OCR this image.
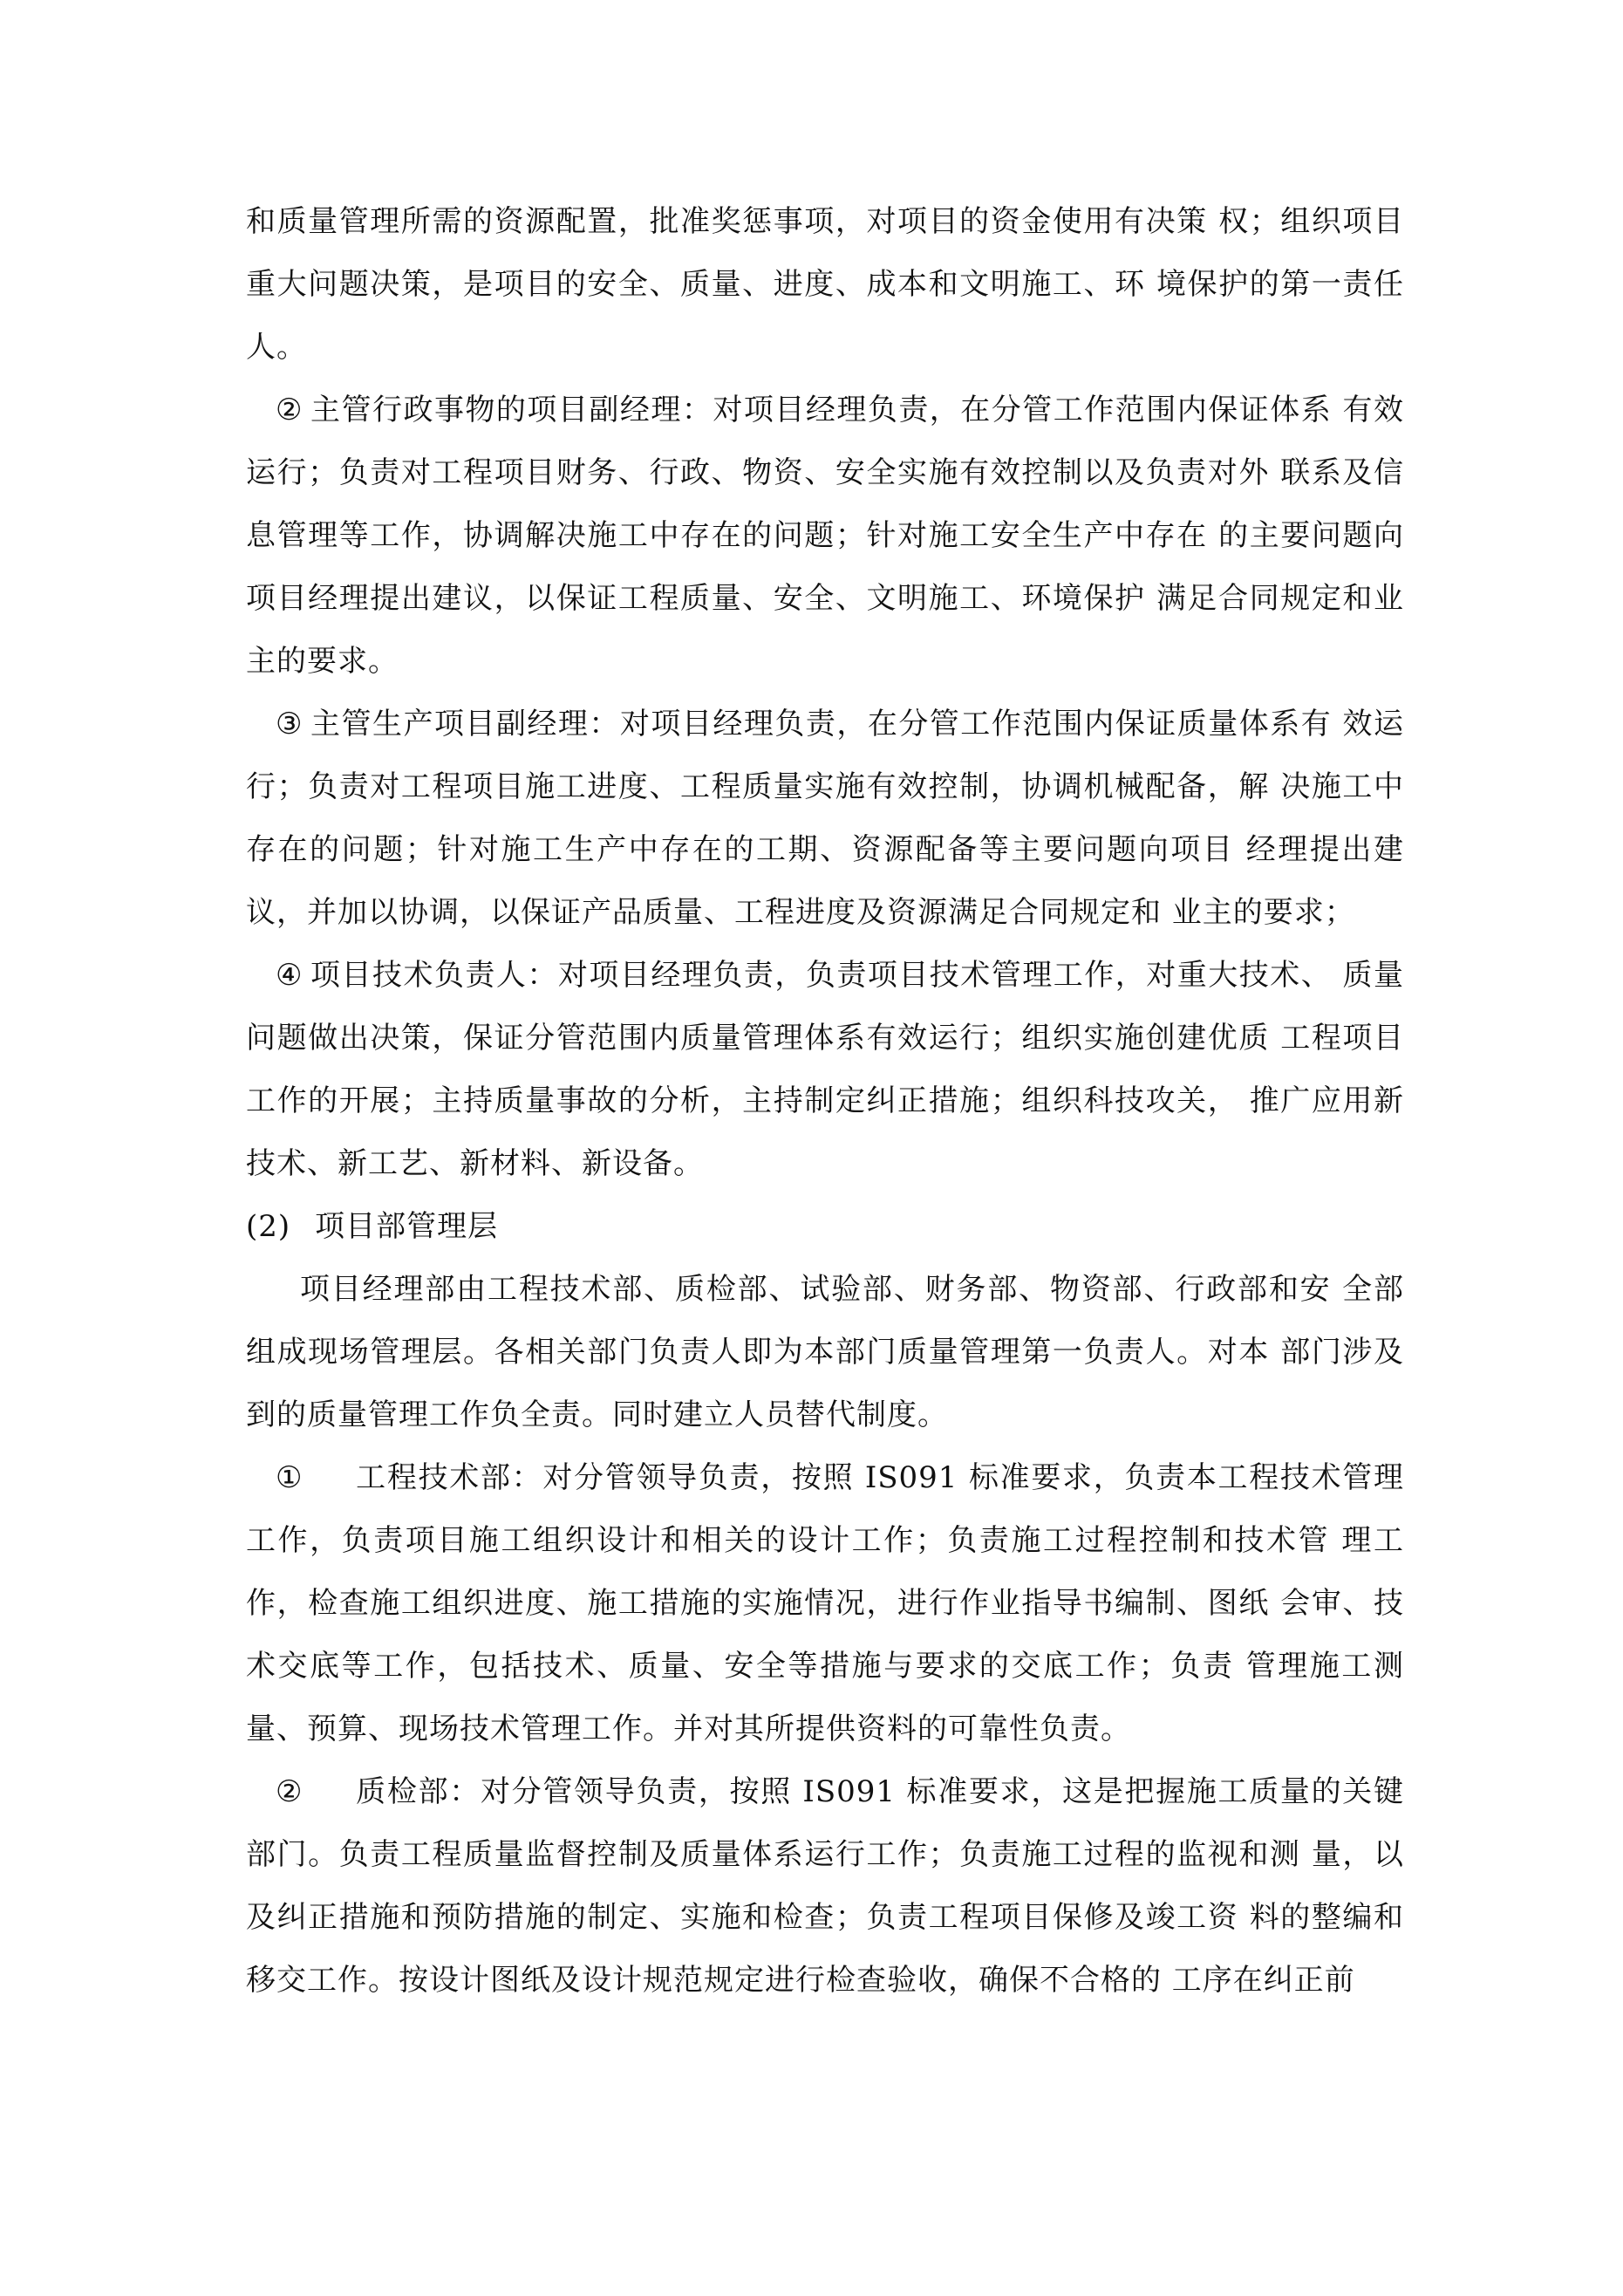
和质量管理所需的资源配置，批准奖惩事项，对项目的资金使用有决策 权；组织项目重大问题决策，是项目的安全、质量、进度、成本和文明施工、环 境保护的第一责任人。

② 主管行政事物的项目副经理：对项目经理负责，在分管工作范围内保证体系 有效运行；负责对工程项目财务、行政、物资、安全实施有效控制以及负责对外 联系及信息管理等工作，协调解决施工中存在的问题；针对施工安全生产中存在 的主要问题向项目经理提出建议，以保证工程质量、安全、文明施工、环境保护 满足合同规定和业主的要求。

③ 主管生产项目副经理：对项目经理负责，在分管工作范围内保证质量体系有 效运行；负责对工程项目施工进度、工程质量实施有效控制，协调机械配备，解 决施工中存在的问题；针对施工生产中存在的工期、资源配备等主要问题向项目 经理提出建议，并加以协调，以保证产品质量、工程进度及资源满足合同规定和 业主的要求；

④ 项目技术负责人：对项目经理负责，负责项目技术管理工作，对重大技术、 质量问题做出决策，保证分管范围内质量管理体系有效运行；组织实施创建优质 工程项目工作的开展；主持质量事故的分析，主持制定纠正措施；组织科技攻关， 推广应用新技术、新工艺、新材料、新设备。

(2) 项目部管理层

项目经理部由工程技术部、质检部、试验部、财务部、物资部、行政部和安 全部组成现场管理层。各相关部门负责人即为本部门质量管理第一负责人。对本 部门涉及到的质量管理工作负全责。同时建立人员替代制度。

① 工程技术部：对分管领导负责，按照 IS091 标准要求，负责本工程技术管理工作，负责项目施工组织设计和相关的设计工作；负责施工过程控制和技术管 理工作，检查施工组织进度、施工措施的实施情况，进行作业指导书编制、图纸 会审、技术交底等工作，包括技术、质量、安全等措施与要求的交底工作；负责 管理施工测量、预算、现场技术管理工作。并对其所提供资料的可靠性负责。

② 质检部：对分管领导负责，按照 IS091 标准要求，这是把握施工质量的关键部门。负责工程质量监督控制及质量体系运行工作；负责施工过程的监视和测 量，以及纠正措施和预防措施的制定、实施和检查；负责工程项目保修及竣工资 料的整编和移交工作。按设计图纸及设计规范规定进行检查验收，确保不合格的 工序在纠正前
